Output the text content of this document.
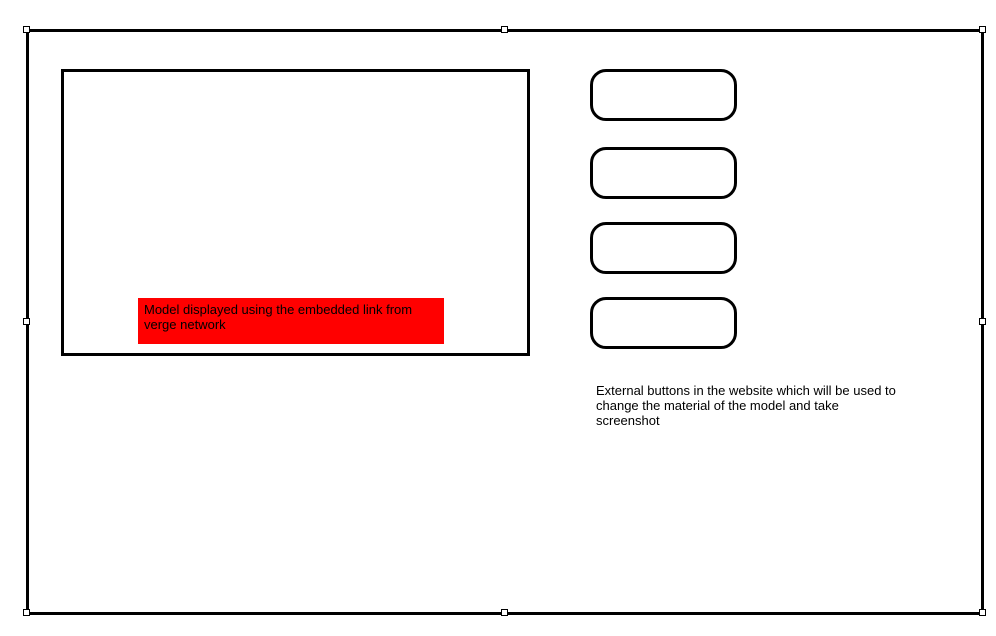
Model displayed using the embedded link from verge network
External buttons in the website which will be used to change the material of the model and take screenshot
